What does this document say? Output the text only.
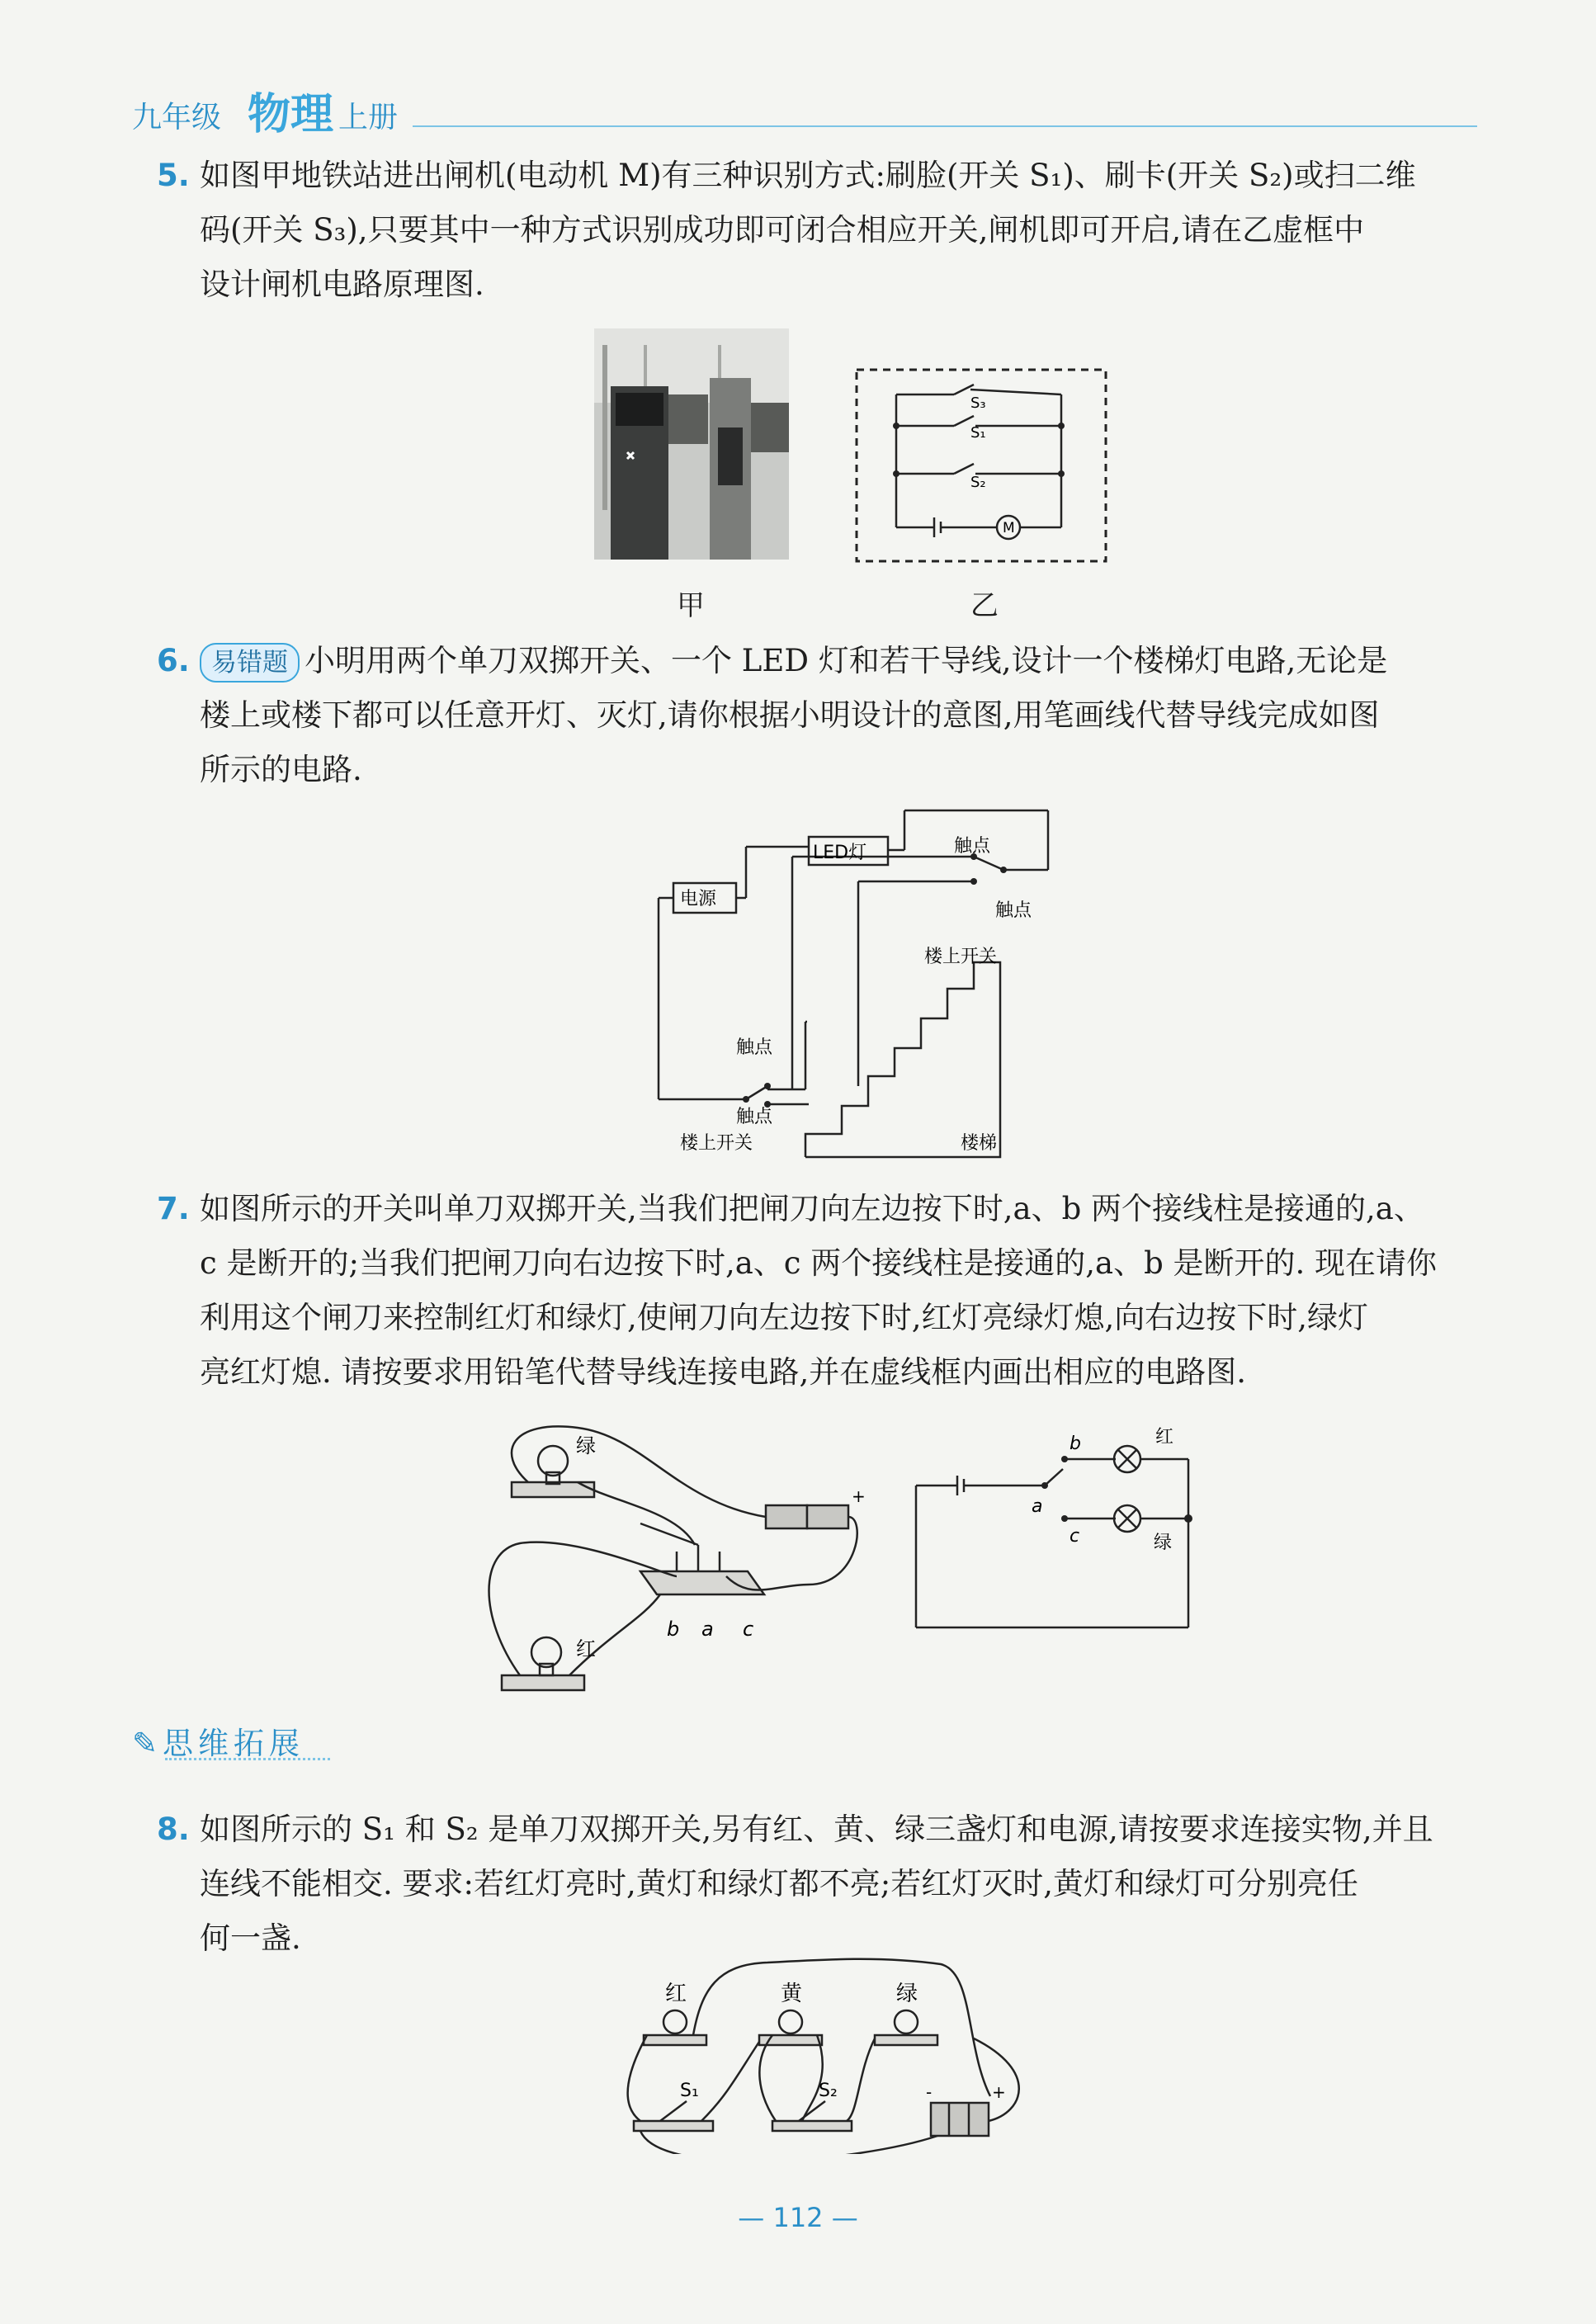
九年级 物理 上册
5. 如图甲地铁站进出闸机(电动机 M)有三种识别方式:刷脸(开关 S₁)、刷卡(开关 S₂)或扫二维
码(开关 S₃),只要其中一种方式识别成功即可闭合相应开关,闸机即可开启,请在乙虚框中
设计闸机电路原理图.
甲
S₃
S₁
S₂
M
乙
6. 易错题 小明用两个单刀双掷开关、一个 LED 灯和若干导线,设计一个楼梯灯电路,无论是
楼上或楼下都可以任意开灯、灭灯,请你根据小明设计的意图,用笔画线代替导线完成如图
所示的电路.
电源
LED灯	触点
触点
触点
触点
楼上开关
楼上开关	楼梯
7. 如图所示的开关叫单刀双掷开关,当我们把闸刀向左边按下时,a、b 两个接线柱是接通的,a、
c 是断开的;当我们把闸刀向右边按下时,a、c 两个接线柱是接通的,a、b 是断开的. 现在请你
利用这个闸刀来控制红灯和绿灯,使闸刀向左边按下时,红灯亮绿灯熄,向右边按下时,绿灯
亮红灯熄. 请按要求用铅笔代替导线连接电路,并在虚线框内画出相应的电路图.
绿
红
b a c
+
b
a
c
红
绿
✎思维拓展
8. 如图所示的 S₁ 和 S₂ 是单刀双掷开关,另有红、黄、绿三盏灯和电源,请按要求连接实物,并且
连线不能相交. 要求:若红灯亮时,黄灯和绿灯都不亮;若红灯灭时,黄灯和绿灯可分别亮任
何一盏.
红	黄	绿
S₁	S₂	-	+
— 112 —
